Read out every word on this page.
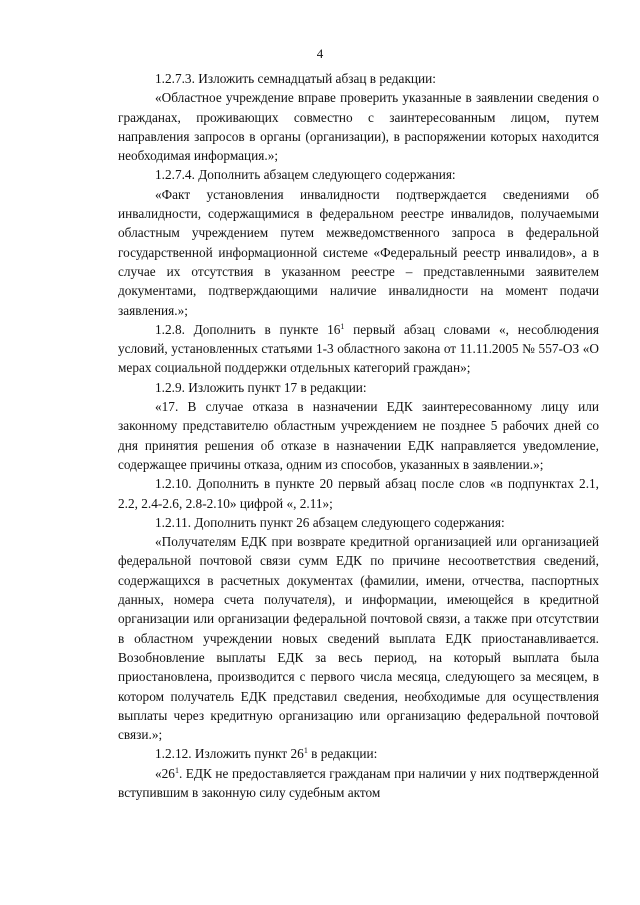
4

1.2.7.3. Изложить семнадцатый абзац в редакции:

«Областное учреждение вправе проверить указанные в заявлении сведения о гражданах, проживающих совместно с заинтересованным лицом, путем направления запросов в органы (организации), в распоряжении которых находится необходимая информация.»;

1.2.7.4. Дополнить абзацем следующего содержания:

«Факт установления инвалидности подтверждается сведениями об инвалидности, содержащимися в федеральном реестре инвалидов, получаемыми областным учреждением путем межведомственного запроса в федеральной государственной информационной системе «Федеральный реестр инвалидов», а в случае их отсутствия в указанном реестре – представленными заявителем документами, подтверждающими наличие инвалидности на момент подачи заявления.»;

1.2.8. Дополнить в пункте $16^1$ первый абзац словами «, несоблюдения условий, установленных статьями 1-3 областного закона от 11.11.2005 № 557-ОЗ «О мерах социальной поддержки отдельных категорий граждан»;

1.2.9. Изложить пункт 17 в редакции:

«17. В случае отказа в назначении ЕДК заинтересованному лицу или законному представителю областным учреждением не позднее 5 рабочих дней со дня принятия решения об отказе в назначении ЕДК направляется уведомление, содержащее причины отказа, одним из способов, указанных в заявлении.»;

1.2.10. Дополнить в пункте 20 первый абзац после слов «в подпунктах 2.1, 2.2, 2.4-2.6, 2.8-2.10» цифрой «, 2.11»;

1.2.11. Дополнить пункт 26 абзацем следующего содержания:

«Получателям ЕДК при возврате кредитной организацией или организацией федеральной почтовой связи сумм ЕДК по причине несоответствия сведений, содержащихся в расчетных документах (фамилии, имени, отчества, паспортных данных, номера счета получателя), и информации, имеющейся в кредитной организации или организации федеральной почтовой связи, а также при отсутствии в областном учреждении новых сведений выплата ЕДК приостанавливается. Возобновление выплаты ЕДК за весь период, на который выплата была приостановлена, производится с первого числа месяца, следующего за месяцем, в котором получатель ЕДК представил сведения, необходимые для осуществления выплаты через кредитную организацию или организацию федеральной почтовой связи.»;

1.2.12. Изложить пункт $26^1$ в редакции:

«$26^1$. ЕДК не предоставляется гражданам при наличии у них подтвержденной вступившим в законную силу судебным актом
